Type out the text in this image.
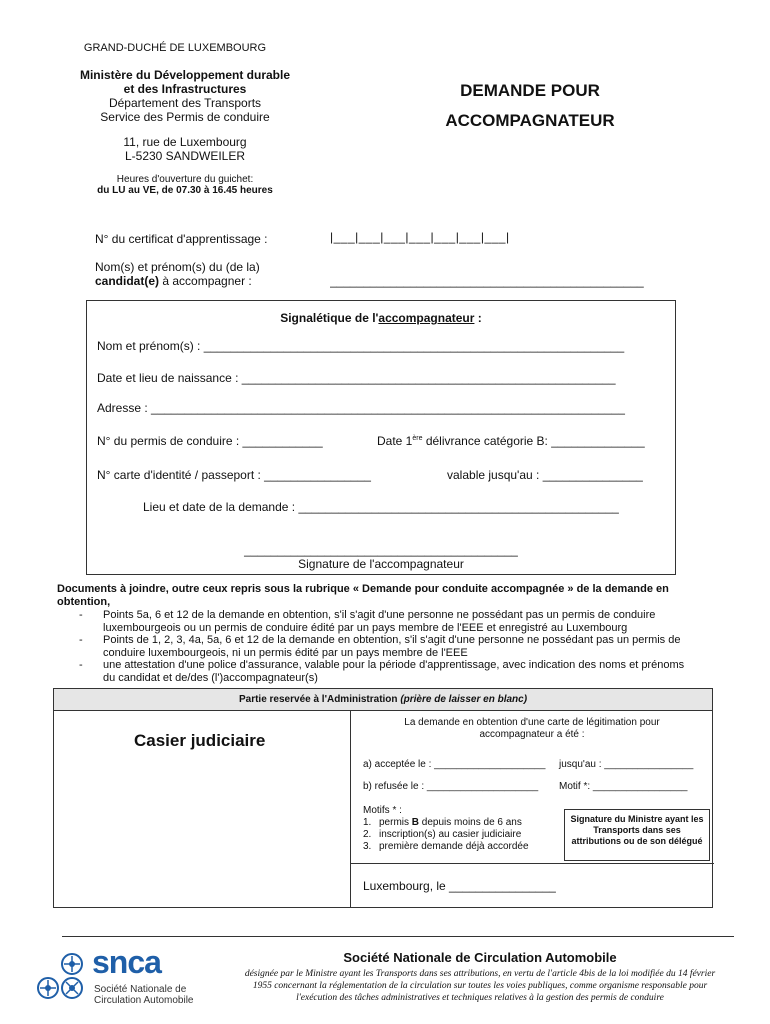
GRAND-DUCHÉ DE LUXEMBOURG
Ministère du Développement durable
et des Infrastructures
Département des Transports
Service des Permis de conduire
11, rue de Luxembourg
L-5230 SANDWEILER
Heures d'ouverture du guichet:
du LU au VE, de 07.30 à 16.45 heures
DEMANDE POUR
ACCOMPAGNATEUR
N° du certificat d'apprentissage :	|___|___|___|___|___|___|___|
Nom(s) et prénom(s) du (de la)
candidat(e) à accompagner :	_______________________________________________
Signalétique de l'accompagnateur :
Nom et prénom(s) : _______________________________________________________________
Date et lieu de naissance : ________________________________________________________
Adresse : _______________________________________________________________________
N° du permis de conduire : ____________	Date 1ère délivrance catégorie B: ______________
N° carte d'identité / passeport : ________________	valable jusqu'au : _______________
Lieu et date de la demande : ________________________________________________
_________________________________________
Signature de l'accompagnateur
Documents à joindre, outre ceux repris sous la rubrique « Demande pour conduite accompagnée » de la demande en obtention,
-	Points 5a, 6 et 12 de la demande en obtention, s'il s'agit d'une personne ne possédant pas un permis de conduire
luxembourgeois ou un permis de conduire édité par un pays membre de l'EEE et enregistré au Luxembourg
-	Points de 1, 2, 3, 4a, 5a, 6 et 12 de la demande en obtention, s'il s'agit d'une personne ne possédant pas un permis de
conduire luxembourgeois, ni un permis édité par un pays membre de l'EEE
-	une attestation d'une police d'assurance, valable pour la période d'apprentissage, avec indication des noms et prénoms
du candidat et de/des (l')accompagnateur(s)
Partie reservée à l'Administration (prière de laisser en blanc)
Casier judiciaire
La demande en obtention d'une carte de légitimation pour
accompagnateur a été :
a) acceptée le : ____________________ jusqu'au : ________________
b) refusée le : ____________________ Motif *: _________________
Motifs * :
1. permis B depuis moins de 6 ans
2. inscription(s) au casier judiciaire
3. première demande déjà accordée
Signature du Ministre ayant les
Transports dans ses
attributions ou de son délégué
Luxembourg, le ________________
snca
Société Nationale de
Circulation Automobile
Société Nationale de Circulation Automobile
désignée par le Ministre ayant les Transports dans ses attributions, en vertu de l'article 4bis de la loi modifiée du 14 février
1955 concernant la réglementation de la circulation sur toutes les voies publiques, comme organisme responsable pour
l'exécution des tâches administratives et techniques relatives à la gestion des permis de conduire
